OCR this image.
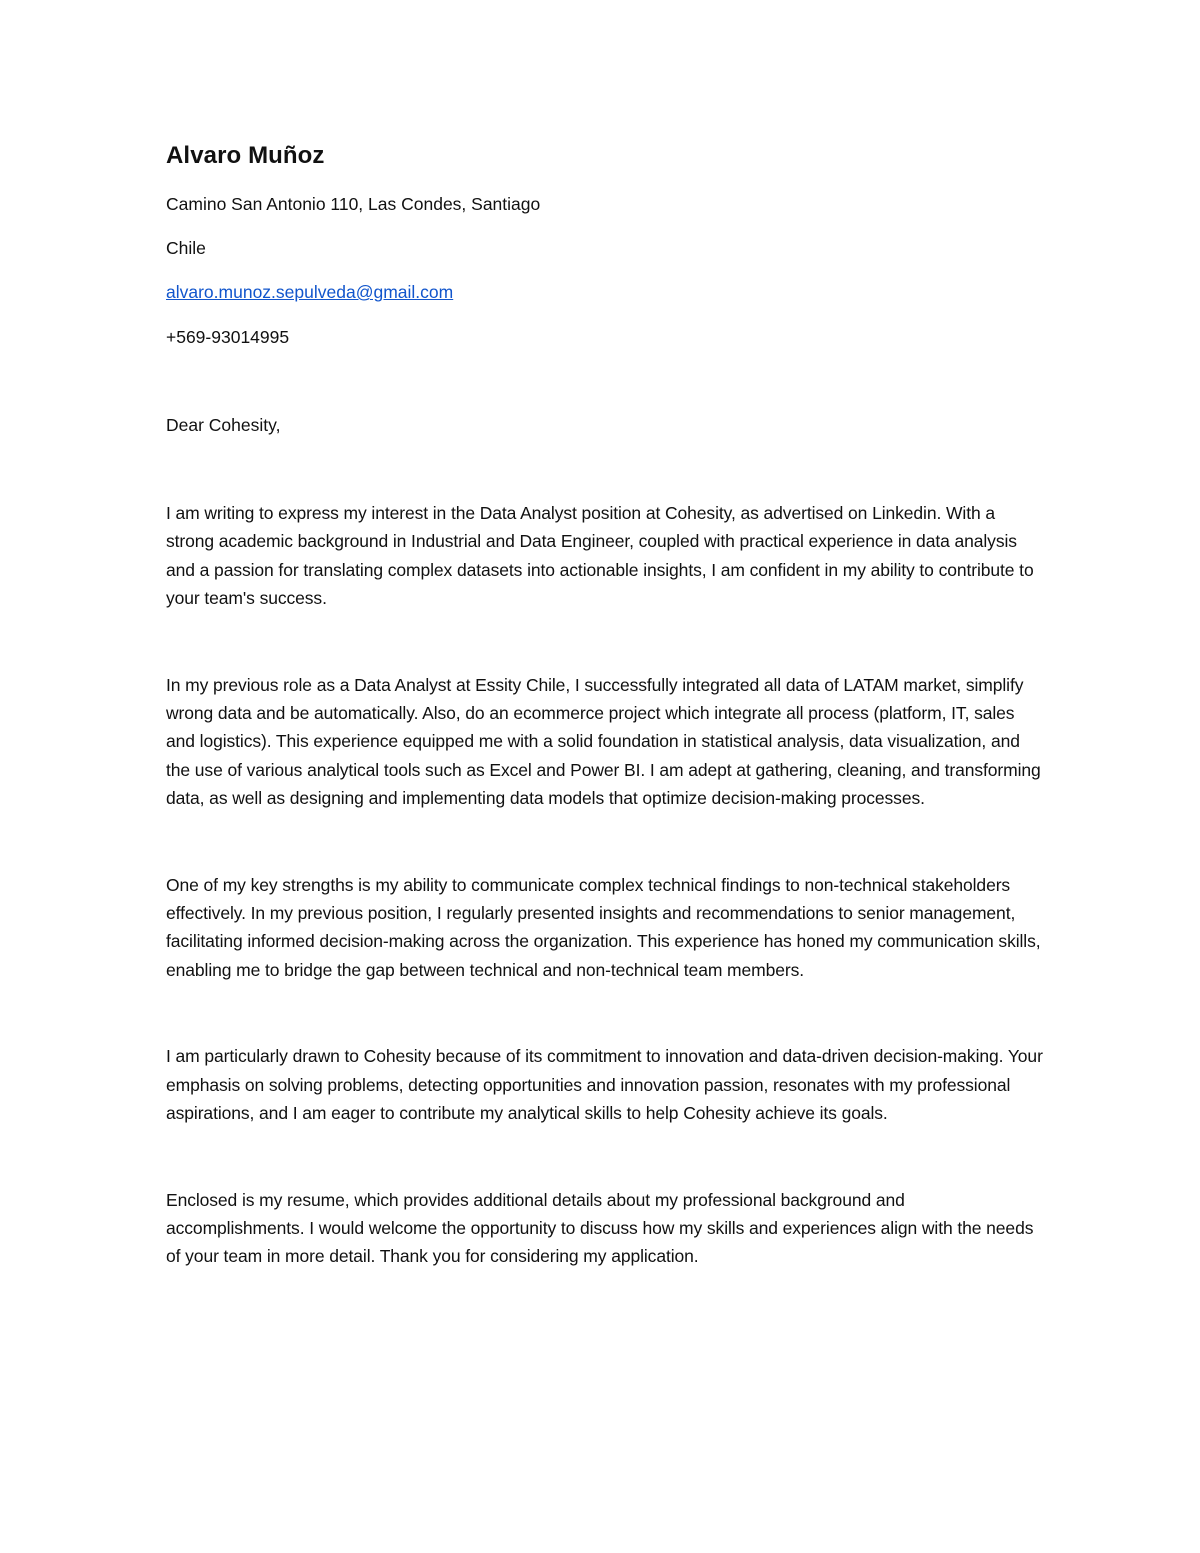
Alvaro Muñoz
Camino San Antonio 110, Las Condes, Santiago
Chile
alvaro.munoz.sepulveda@gmail.com
+569-93014995
Dear Cohesity,

I am writing to express my interest in the Data Analyst position at Cohesity, as advertised on Linkedin. With a strong academic background in Industrial and Data Engineer, coupled with practical experience in data analysis and a passion for translating complex datasets into actionable insights, I am confident in my ability to contribute to your team's success.

In my previous role as a Data Analyst at Essity Chile, I successfully integrated all data of LATAM market, simplify wrong data and be automatically. Also, do an ecommerce project which integrate all process (platform, IT, sales and logistics). This experience equipped me with a solid foundation in statistical analysis, data visualization, and the use of various analytical tools such as Excel and Power BI. I am adept at gathering, cleaning, and transforming data, as well as designing and implementing data models that optimize decision-making processes.

One of my key strengths is my ability to communicate complex technical findings to non-technical stakeholders effectively. In my previous position, I regularly presented insights and recommendations to senior management, facilitating informed decision-making across the organization. This experience has honed my communication skills, enabling me to bridge the gap between technical and non-technical team members.

I am particularly drawn to Cohesity because of its commitment to innovation and data-driven decision-making. Your emphasis on solving problems, detecting opportunities and innovation passion, resonates with my professional aspirations, and I am eager to contribute my analytical skills to help Cohesity achieve its goals.

Enclosed is my resume, which provides additional details about my professional background and accomplishments. I would welcome the opportunity to discuss how my skills and experiences align with the needs of your team in more detail. Thank you for considering my application.
